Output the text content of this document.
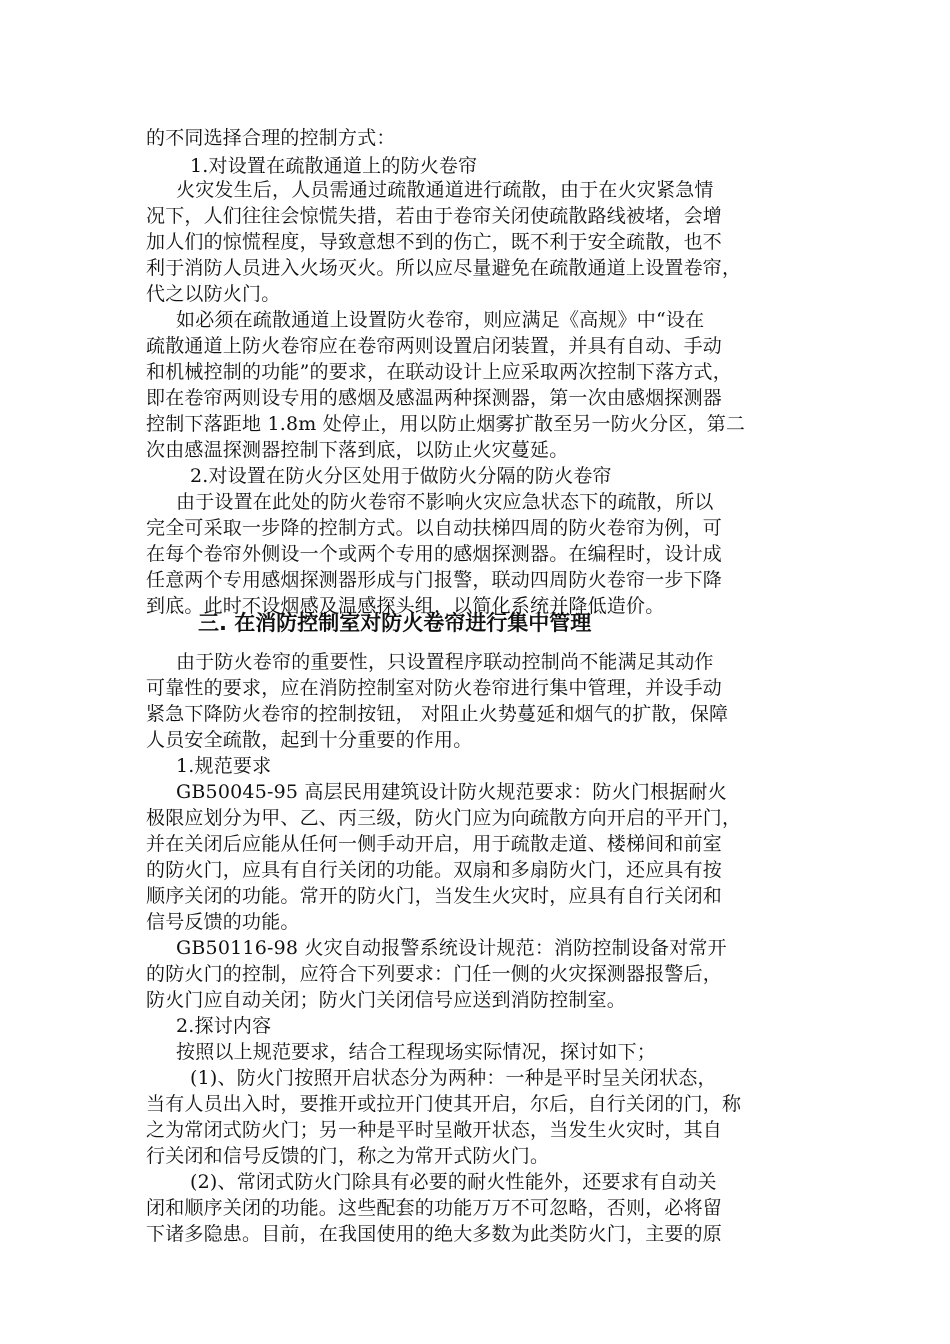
的不同选择合理的控制方式：
1.对设置在疏散通道上的防火卷帘
火灾发生后，人员需通过疏散通道进行疏散，由于在火灾紧急情
况下，人们往往会惊慌失措，若由于卷帘关闭使疏散路线被堵，会增
加人们的惊慌程度，导致意想不到的伤亡，既不利于安全疏散，也不
利于消防人员进入火场灭火。所以应尽量避免在疏散通道上设置卷帘，
代之以防火门。
如必须在疏散通道上设置防火卷帘，则应满足《高规》中“设在
疏散通道上防火卷帘应在卷帘两则设置启闭装置，并具有自动、手动
和机械控制的功能”的要求，在联动设计上应采取两次控制下落方式，
即在卷帘两则设专用的感烟及感温两种探测器，第一次由感烟探测器
控制下落距地 1.8m 处停止，用以防止烟雾扩散至另一防火分区，第二
次由感温探测器控制下落到底，以防止火灾蔓延。
2.对设置在防火分区处用于做防火分隔的防火卷帘
由于设置在此处的防火卷帘不影响火灾应急状态下的疏散，所以
完全可采取一步降的控制方式。以自动扶梯四周的防火卷帘为例，可
在每个卷帘外侧设一个或两个专用的感烟探测器。在编程时，设计成
任意两个专用感烟探测器形成与门报警，联动四周防火卷帘一步下降
到底。此时不设烟感及温感探头组，以简化系统并降低造价。
三. 在消防控制室对防火卷帘进行集中管理
由于防火卷帘的重要性，只设置程序联动控制尚不能满足其动作
可靠性的要求，应在消防控制室对防火卷帘进行集中管理，并设手动
紧急下降防火卷帘的控制按钮， 对阻止火势蔓延和烟气的扩散，保障
人员安全疏散，起到十分重要的作用。
1.规范要求
GB50045-95 高层民用建筑设计防火规范要求：防火门根据耐火
极限应划分为甲、乙、丙三级，防火门应为向疏散方向开启的平开门，
并在关闭后应能从任何一侧手动开启，用于疏散走道、楼梯间和前室
的防火门，应具有自行关闭的功能。双扇和多扇防火门，还应具有按
顺序关闭的功能。常开的防火门，当发生火灾时，应具有自行关闭和
信号反馈的功能。
GB50116-98 火灾自动报警系统设计规范：消防控制设备对常开
的防火门的控制，应符合下列要求：门任一侧的火灾探测器报警后，
防火门应自动关闭；防火门关闭信号应送到消防控制室。
2.探讨内容
按照以上规范要求，结合工程现场实际情况，探讨如下；
(1)、防火门按照开启状态分为两种：一种是平时呈关闭状态，
当有人员出入时，要推开或拉开门使其开启，尔后，自行关闭的门，称
之为常闭式防火门；另一种是平时呈敞开状态，当发生火灾时，其自
行关闭和信号反馈的门，称之为常开式防火门。
(2)、常闭式防火门除具有必要的耐火性能外，还要求有自动关
闭和顺序关闭的功能。这些配套的功能万万不可忽略，否则，必将留
下诸多隐患。目前，在我国使用的绝大多数为此类防火门，主要的原
